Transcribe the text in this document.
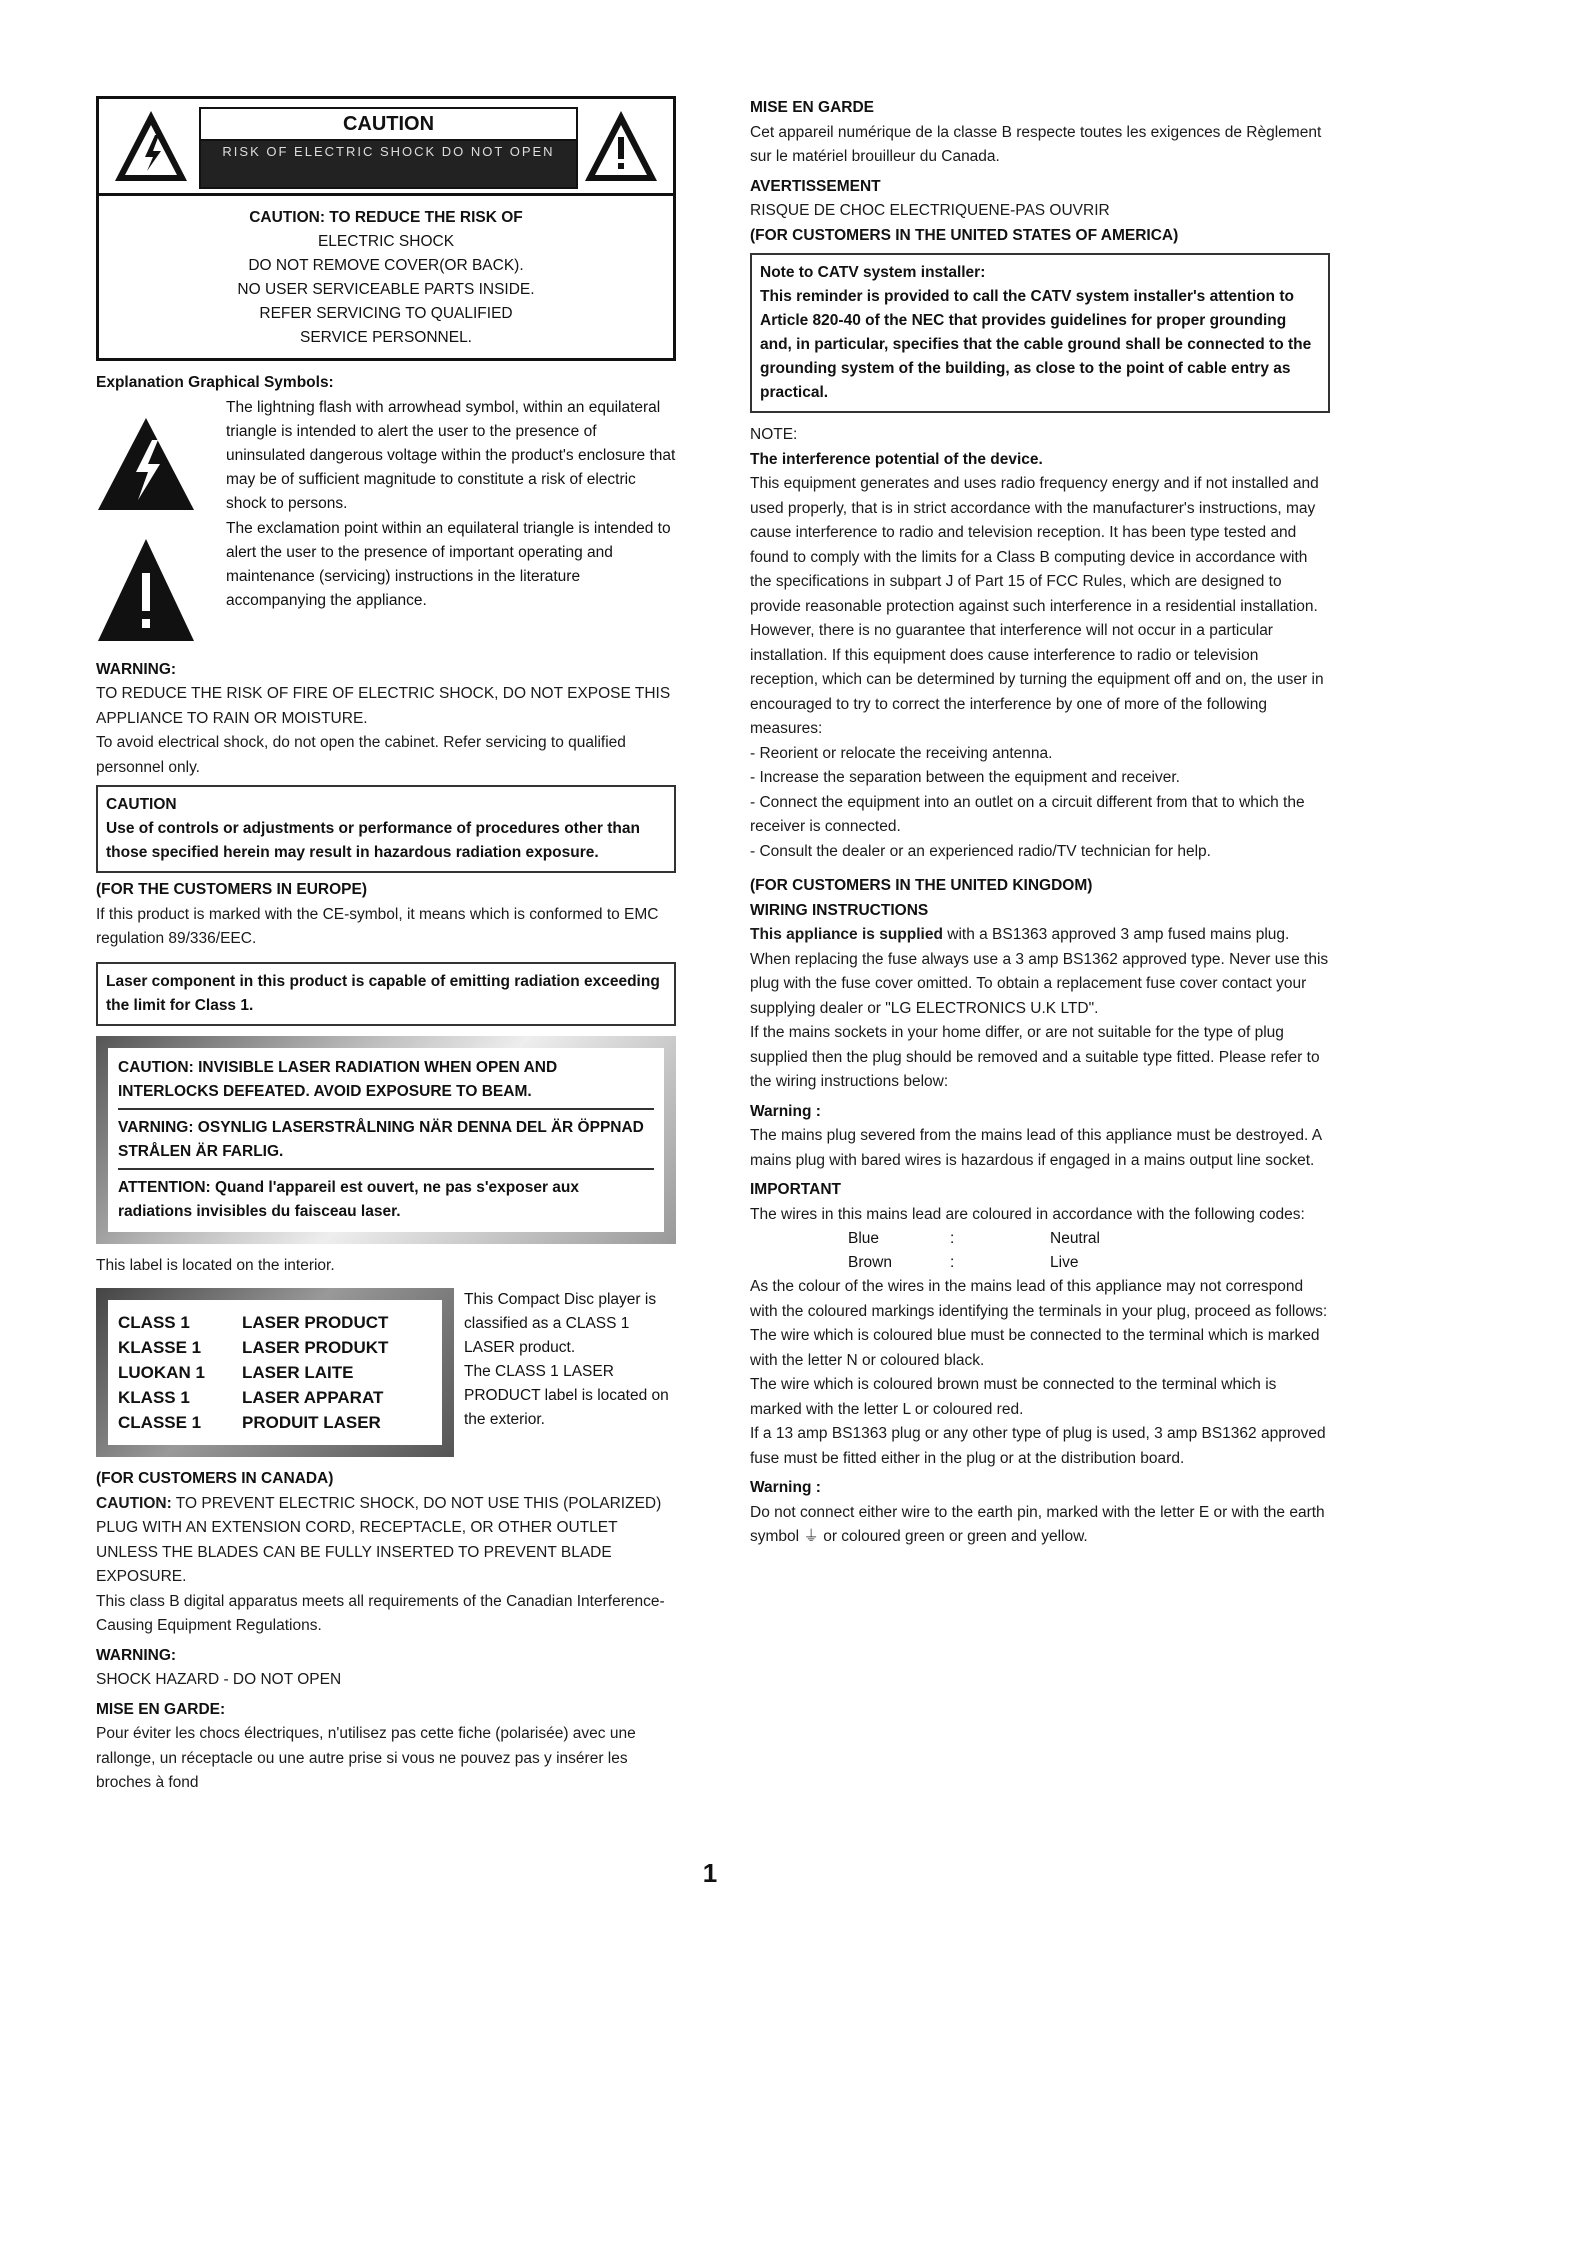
CAUTION
RISK OF ELECTRIC SHOCK DO NOT OPEN

CAUTION: TO REDUCE THE RISK OF

ELECTRIC SHOCK

DO NOT REMOVE COVER(OR BACK).

NO USER SERVICEABLE PARTS INSIDE.

REFER SERVICING TO QUALIFIED

SERVICE PERSONNEL.

Explanation Graphical Symbols:

The lightning flash with arrowhead symbol, within an equilateral triangle is intended to alert the user to the presence of uninsulated dangerous voltage within the product's enclosure that may be of sufficient magnitude to constitute a risk of electric shock to persons.

The exclamation point within an equilateral triangle is intended to alert the user to the presence of important operating and maintenance (servicing) instructions in the literature accompanying the appliance.

WARNING:

TO REDUCE THE RISK OF FIRE OF ELECTRIC SHOCK, DO NOT EXPOSE THIS APPLIANCE TO RAIN OR MOISTURE.

To avoid electrical shock, do not open the cabinet. Refer servicing to qualified personnel only.

CAUTION

Use of controls or adjustments or performance of procedures other than those specified herein may result in hazardous radiation exposure.

(FOR THE CUSTOMERS IN EUROPE)

If this product is marked with the CE-symbol, it means which is conformed to EMC regulation 89/336/EEC.

Laser component in this product is capable of emitting radiation exceeding the limit for Class 1.

CAUTION: INVISIBLE LASER RADIATION WHEN OPEN AND INTERLOCKS DEFEATED. AVOID EXPOSURE TO BEAM.

VARNING: OSYNLIG LASERSTRÅLNING NÄR DENNA DEL ÄR ÖPPNAD STRÅLEN ÄR FARLIG.

ATTENTION: Quand l'appareil est ouvert, ne pas s'exposer aux radiations invisibles du faisceau laser.

This label is located on the interior.

CLASS 1	LASER PRODUCT
KLASSE 1	LASER PRODUKT
LUOKAN 1	LASER LAITE
KLASS 1	LASER APPARAT
CLASSE 1	PRODUIT LASER

This Compact Disc player is classified as a CLASS 1 LASER product.

The CLASS 1 LASER PRODUCT label is located on the exterior.

(FOR CUSTOMERS IN CANADA)

CAUTION: TO PREVENT ELECTRIC SHOCK, DO NOT USE THIS (POLARIZED) PLUG WITH AN EXTENSION CORD, RECEPTACLE, OR OTHER OUTLET UNLESS THE BLADES CAN BE FULLY INSERTED TO PREVENT BLADE EXPOSURE.

This class B digital apparatus meets all requirements of the Canadian Interference-Causing Equipment Regulations.

WARNING:

SHOCK HAZARD - DO NOT OPEN

MISE EN GARDE:

Pour éviter les chocs électriques, n'utilisez pas cette fiche (polarisée) avec une rallonge, un réceptacle ou une autre prise si vous ne pouvez pas y insérer les broches à fond

MISE EN GARDE

Cet appareil numérique de la classe B respecte toutes les exigences de Règlement sur le matériel brouilleur du Canada.

AVERTISSEMENT

RISQUE DE CHOC ELECTRIQUENE-PAS OUVRIR

(FOR CUSTOMERS IN THE UNITED STATES OF AMERICA)

Note to CATV system installer:

This reminder is provided to call the CATV system installer's attention to Article 820-40 of the NEC that provides guidelines for proper grounding and, in particular, specifies that the cable ground shall be connected to the grounding system of the building, as close to the point of cable entry as practical.

NOTE:

The interference potential of the device.

This equipment generates and uses radio frequency energy and if not installed and used properly, that is in strict accordance with the manufacturer's instructions, may cause interference to radio and television reception. It has been type tested and found to comply with the limits for a Class B computing device in accordance with the specifications in subpart J of Part 15 of FCC Rules, which are designed to provide reasonable protection against such interference in a residential installation. However, there is no guarantee that interference will not occur in a particular installation. If this equipment does cause interference to radio or television reception, which can be determined by turning the equipment off and on, the user in encouraged to try to correct the interference by one of more of the following measures:

- Reorient or relocate the receiving antenna.

- Increase the separation between the equipment and receiver.

- Connect the equipment into an outlet on a circuit different from that to which the receiver is connected.

- Consult the dealer or an experienced radio/TV technician for help.

(FOR CUSTOMERS IN THE UNITED KINGDOM)

WIRING INSTRUCTIONS

This appliance is supplied with a BS1363 approved 3 amp fused mains plug. When replacing the fuse always use a 3 amp BS1362 approved type. Never use this plug with the fuse cover omitted. To obtain a replacement fuse cover contact your supplying dealer or "LG ELECTRONICS U.K LTD".

If the mains sockets in your home differ, or are not suitable for the type of plug supplied then the plug should be removed and a suitable type fitted. Please refer to the wiring instructions below:

Warning :

The mains plug severed from the mains lead of this appliance must be destroyed. A mains plug with bared wires is hazardous if engaged in a mains output line socket.

IMPORTANT

The wires in this mains lead are coloured in accordance with the following codes:

Blue	:	Neutral
Brown	:	Live

As the colour of the wires in the mains lead of this appliance may not correspond with the coloured markings identifying the terminals in your plug, proceed as follows:

The wire which is coloured blue must be connected to the terminal which is marked with the letter N or coloured black.

The wire which is coloured brown must be connected to the terminal which is marked with the letter L or coloured red.

If a 13 amp BS1363 plug or any other type of plug is used, 3 amp BS1362 approved fuse must be fitted either in the plug or at the distribution board.

Warning :

Do not connect either wire to the earth pin, marked with the letter E or with the earth symbol ⏚ or coloured green or green and yellow.

1
